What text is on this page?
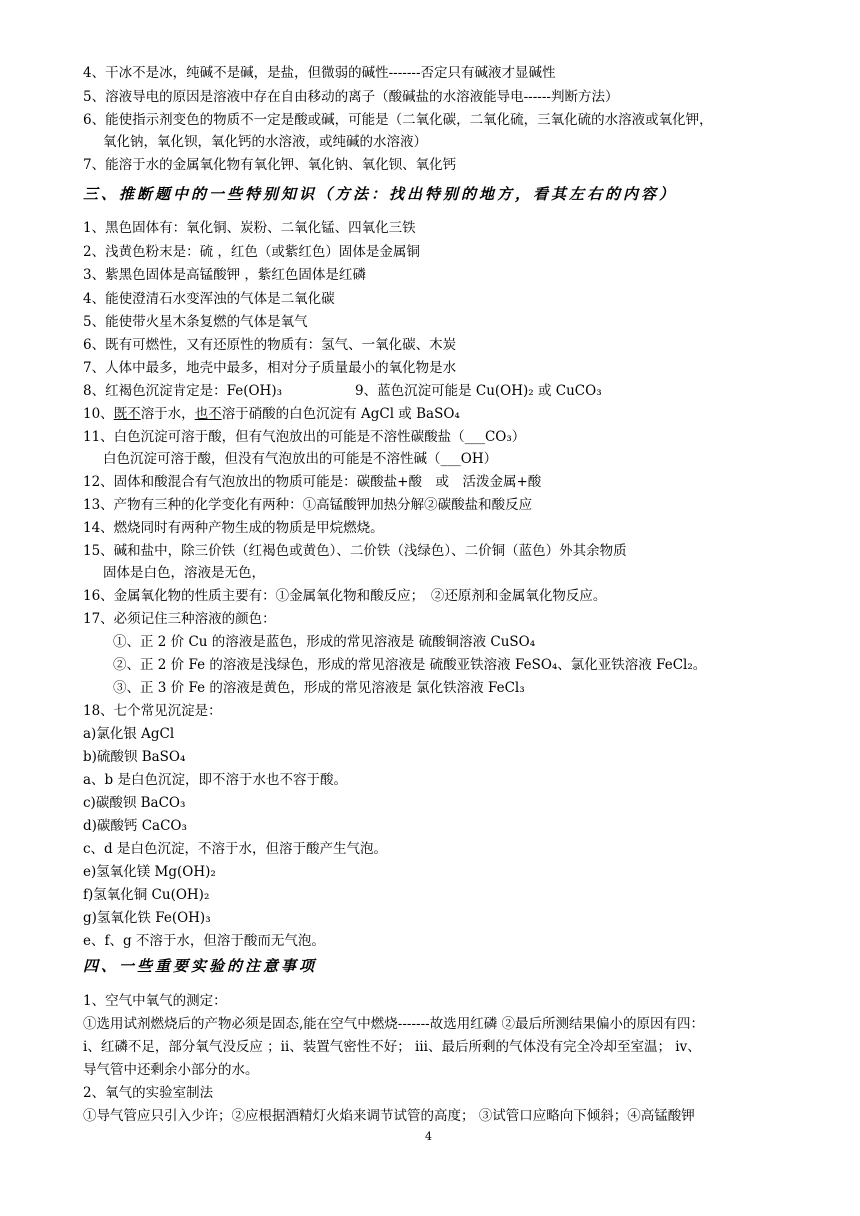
4、干冰不是冰，纯碱不是碱，是盐，但微弱的碱性-------否定只有碱液才显碱性
5、溶液导电的原因是溶液中存在自由移动的离子（酸碱盐的水溶液能导电------判断方法）
6、能使指示剂变色的物质不一定是酸或碱，可能是（二氧化碳，二氧化硫，三氧化硫的水溶液或氧化钾，
氧化钠，氧化钡，氧化钙的水溶液，或纯碱的水溶液）
7、能溶于水的金属氧化物有氧化钾、氧化钠、氧化钡、氧化钙
三、推断题中的一些特别知识（方法：找出特别的地方，看其左右的内容）
1、黑色固体有：氧化铜、炭粉、二氧化锰、四氧化三铁
2、浅黄色粉末是：硫 ，红色（或紫红色）固体是金属铜
3、紫黑色固体是高锰酸钾 ，紫红色固体是红磷
4、能使澄清石水变浑浊的气体是二氧化碳
5、能使带火星木条复燃的气体是氧气
6、既有可燃性，又有还原性的物质有：氢气、一氧化碳、木炭
7、人体中最多，地壳中最多，相对分子质量最小的氧化物是水
8、红褐色沉淀肯定是：Fe(OH)₃	9、蓝色沉淀可能是 Cu(OH)₂ 或 CuCO₃
10、既不溶于水，也不溶于硝酸的白色沉淀有 AgCl 或 BaSO₄
11、白色沉淀可溶于酸，但有气泡放出的可能是不溶性碳酸盐（___CO₃）
白色沉淀可溶于酸，但没有气泡放出的可能是不溶性碱（___OH）
12、固体和酸混合有气泡放出的物质可能是：碳酸盐+酸　或　活泼金属+酸
13、产物有三种的化学变化有两种：①高锰酸钾加热分解②碳酸盐和酸反应
14、燃烧同时有两种产物生成的物质是甲烷燃烧。
15、碱和盐中，除三价铁（红褐色或黄色）、二价铁（浅绿色）、二价铜（蓝色）外其余物质
固体是白色，溶液是无色，
16、金属氧化物的性质主要有：①金属氧化物和酸反应；　②还原剂和金属氧化物反应。
17、必须记住三种溶液的颜色：
①、正 2 价 Cu 的溶液是蓝色，形成的常见溶液是 硫酸铜溶液 CuSO₄
②、正 2 价 Fe 的溶液是浅绿色，形成的常见溶液是 硫酸亚铁溶液 FeSO₄、氯化亚铁溶液 FeCl₂。
③、正 3 价 Fe 的溶液是黄色，形成的常见溶液是 氯化铁溶液 FeCl₃
18、七个常见沉淀是：
a)氯化银 AgCl
b)硫酸钡 BaSO₄
a、b 是白色沉淀，即不溶于水也不容于酸。
c)碳酸钡 BaCO₃
d)碳酸钙 CaCO₃
c、d 是白色沉淀，不溶于水，但溶于酸产生气泡。
e)氢氧化镁 Mg(OH)₂
f)氢氧化铜 Cu(OH)₂
g)氢氧化铁 Fe(OH)₃
e、f、g 不溶于水，但溶于酸而无气泡。
四、一些重要实验的注意事项
1、空气中氧气的测定：
①选用试剂燃烧后的产物必须是固态,能在空气中燃烧-------故选用红磷 ②最后所测结果偏小的原因有四：
ⅰ、红磷不足，部分氧气没反应 ；ⅱ、装置气密性不好； ⅲ、最后所剩的气体没有完全冷却至室温； ⅳ、
导气管中还剩余小部分的水。
2、氧气的实验室制法
①导气管应只引入少许；②应根据酒精灯火焰来调节试管的高度； ③试管口应略向下倾斜；④高锰酸钾
4
